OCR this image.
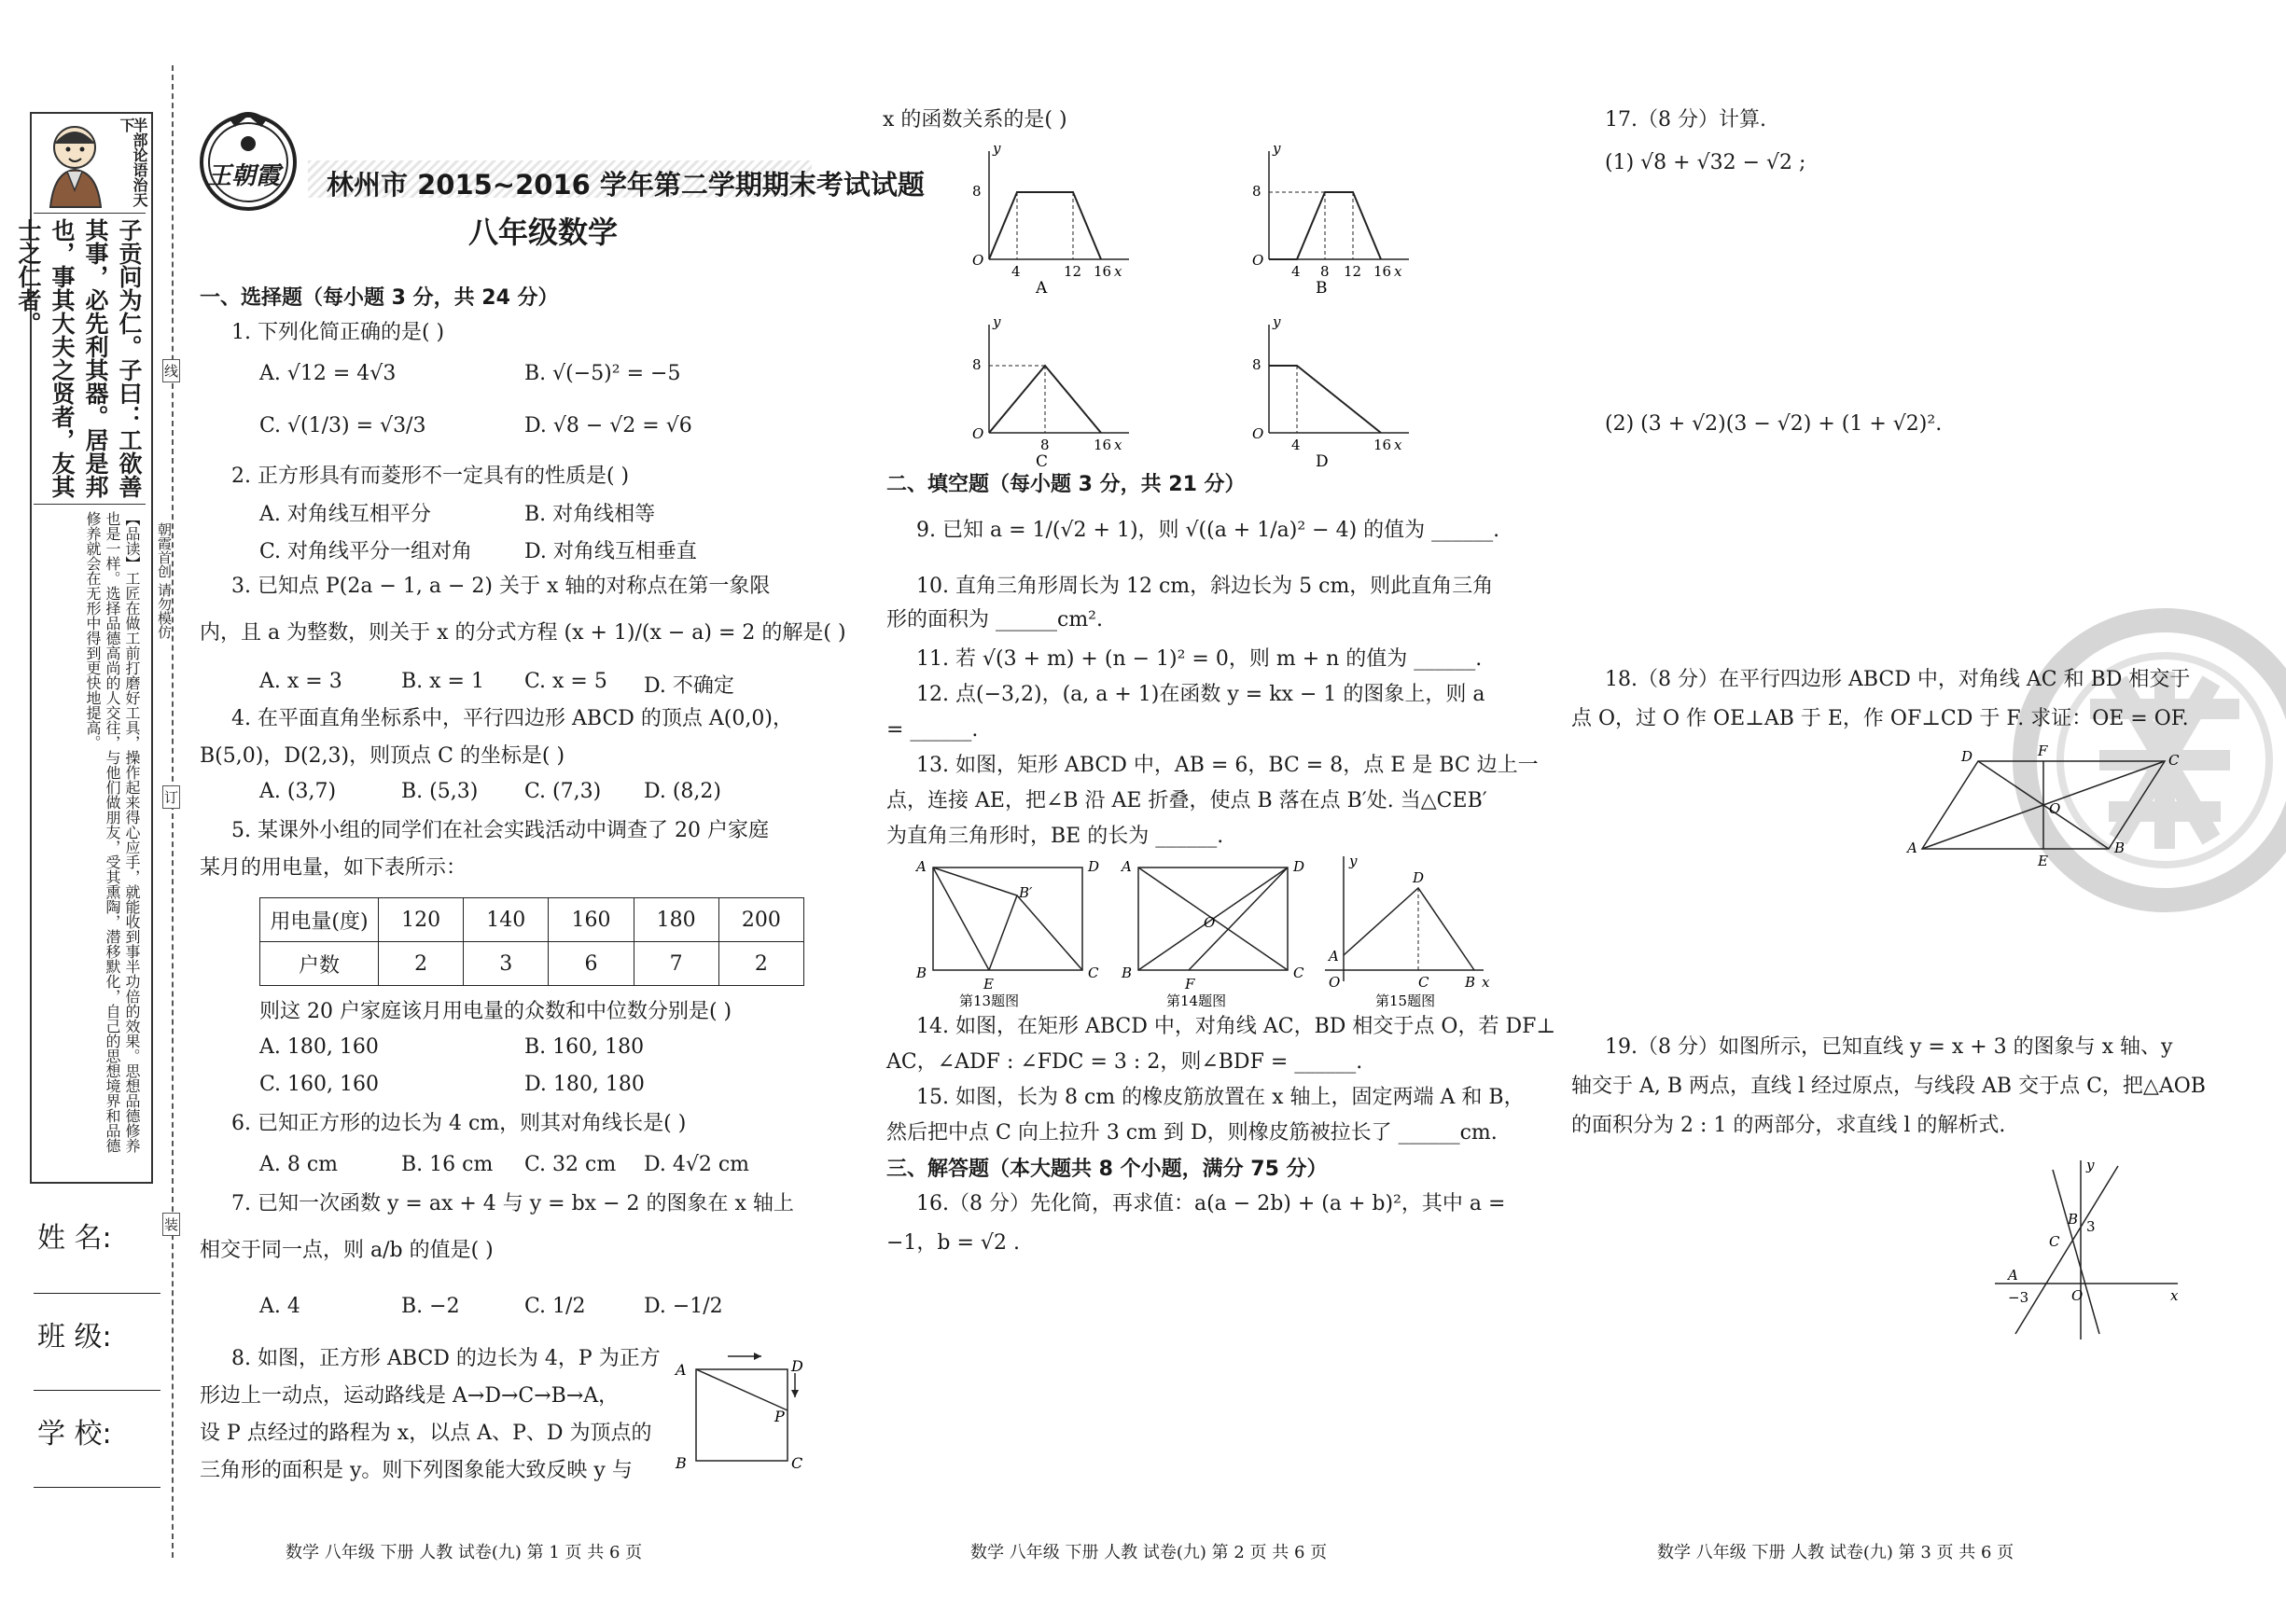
半部论语治天下
子贡问为仁。子曰：工欲善其事，必先利其器。居是邦也，事其大夫之贤者，友其士之仁者。
【品读】工匠在做工前打磨好工具，操作起来得心应手，就能收到事半功倍的效果。思想品德修养也是一样。选择品德高尚的人交往，与他们做朋友，受其熏陶，潜移默化，自己的思想境界和品德修养就会在无形中得到更快地提高。
姓 名:
班 级:
学 校:
线
订
装
朝霞首创 请勿模仿
王朝霞 林州市 2015~2016 学年第二学期期末考试试题
八年级数学
一、选择题（每小题 3 分，共 24 分）
1. 下列化简正确的是( )
A. √12 = 4√3	B. √(−5)² = −5
C. √(1/3) = √3/3	D. √8 − √2 = √6
2. 正方形具有而菱形不一定具有的性质是( )
A. 对角线互相平分	B. 对角线相等
C. 对角线平分一组对角	D. 对角线互相垂直
3. 已知点 P(2a − 1, a − 2) 关于 x 轴的对称点在第一象限
内，且 a 为整数，则关于 x 的分式方程 (x + 1)/(x − a) = 2 的解是( )
A. x = 3	B. x = 1 C. x = 5 D. 不确定
4. 在平面直角坐标系中，平行四边形 ABCD 的顶点 A(0,0)，
B(5,0)，D(2,3)，则顶点 C 的坐标是( )
A. (3,7)	B. (5,3) C. (7,3) D. (8,2)
5. 某课外小组的同学们在社会实践活动中调查了 20 户家庭
某月的用电量，如下表所示：
用电量(度)	120	140	160	180	200
户数	2	3	6	7	2
则这 20 户家庭该月用电量的众数和中位数分别是( )
A. 180, 160	B. 160, 180
C. 160, 160	D. 180, 180
6. 已知正方形的边长为 4 cm，则其对角线长是( )
A. 8 cm	B. 16 cm C. 32 cm D. 4√2 cm
7. 已知一次函数 y = ax + 4 与 y = bx − 2 的图象在 x 轴上
相交于同一点，则 a/b 的值是( )
A. 4	B. −2	C. 1/2	D. −1/2
8. 如图，正方形 ABCD 的边长为 4，P 为正方
形边上一动点，运动路线是 A→D→C→B→A，
设 P 点经过的路程为 x，以点 A、P、D 为顶点的
三角形的面积是 y。则下列图象能大致反映 y 与
A	D
P
B	C
数学 八年级 下册 人教 试卷(九) 第 1 页 共 6 页
x 的函数关系的是( )
8
O
4	12 16 x
y
A
8
O
4 8 12 16 x
y
B
8
O
8	16 x
y
C
8
O
4	16 x
y
D
二、填空题（每小题 3 分，共 21 分）
9. 已知 a = 1/(√2 + 1)，则 √((a + 1/a)² − 4) 的值为 ______.
10. 直角三角形周长为 12 cm，斜边长为 5 cm，则此直角三角
形的面积为 ______cm².
11. 若 √(3 + m) + (n − 1)² = 0，则 m + n 的值为 ______.
12. 点(−3,2)，(a, a + 1)在函数 y = kx − 1 的图象上，则 a
= ______.
13. 如图，矩形 ABCD 中，AB = 6，BC = 8，点 E 是 BC 边上一
点，连接 AE，把∠B 沿 AE 折叠，使点 B 落在点 B′处. 当△CEB′
为直角三角形时，BE 的长为 ______.
A	D
B′
B
E
C
第13题图
A	D
O
B
F
C
第14题图
A
D
C	B
O	x
y
第15题图
14. 如图，在矩形 ABCD 中，对角线 AC，BD 相交于点 O，若 DF⊥
AC，∠ADF : ∠FDC = 3 : 2，则∠BDF = ______.
15. 如图，长为 8 cm 的橡皮筋放置在 x 轴上，固定两端 A 和 B，
然后把中点 C 向上拉升 3 cm 到 D，则橡皮筋被拉长了 ______cm.
三、解答题（本大题共 8 个小题，满分 75 分）
16.（8 分）先化简，再求值：a(a − 2b) + (a + b)²，其中 a =
−1，b = √2 .
数学 八年级 下册 人教 试卷(九) 第 2 页 共 6 页
17.（8 分）计算.
(1) √8 + √32 − √2 ;
(2) (3 + √2)(3 − √2) + (1 + √2)².
18.（8 分）在平行四边形 ABCD 中，对角线 AC 和 BD 相交于
点 O，过 O 作 OE⊥AB 于 E，作 OF⊥CD 于 F. 求证：OE = OF.
A
D	F
C
O
E
B
19.（8 分）如图所示，已知直线 y = x + 3 的图象与 x 轴、y
轴交于 A, B 两点，直线 l 经过原点，与线段 AB 交于点 C，把△AOB
的面积分为 2 : 1 的两部分，求直线 l 的解析式.
A
−3
B 3
C
O	x
y
数学 八年级 下册 人教 试卷(九) 第 3 页 共 6 页
